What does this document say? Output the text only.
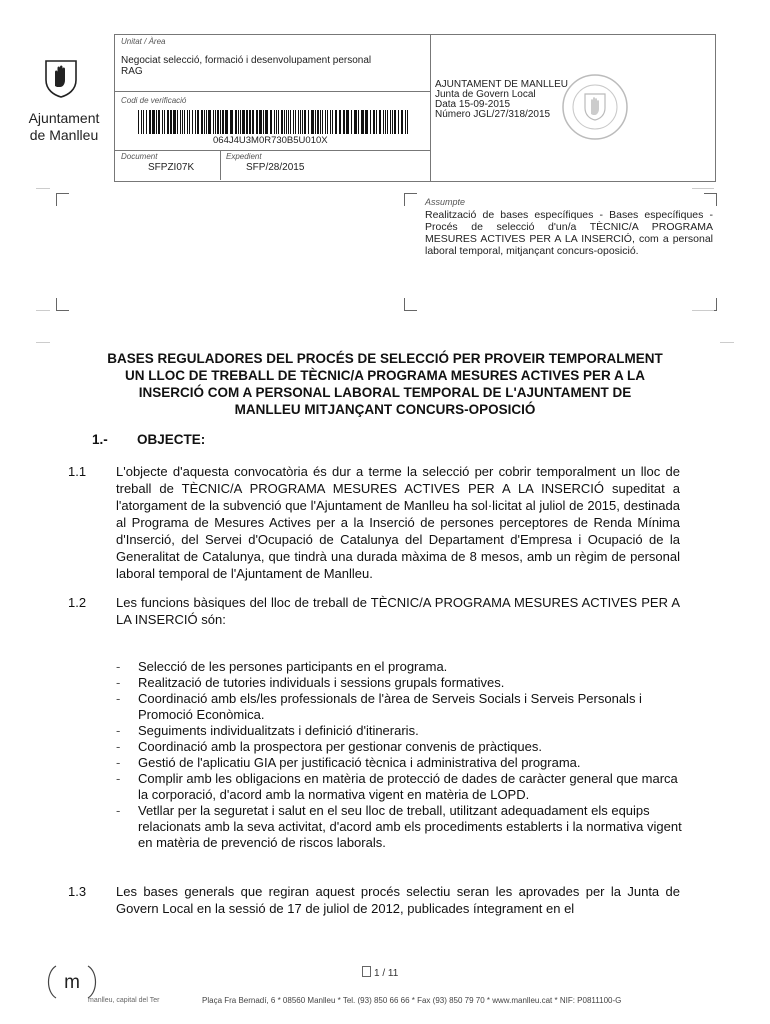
Ajuntament
de Manlleu
Unitat / Àrea
Negociat selecció, formació i desenvolupament personal
RAG
Codi de verificació
064J4U3M0R730B5U010X
Document
SFPZI07K
Expedient
SFP/28/2015
AJUNTAMENT DE MANLLEU
Junta de Govern Local
Data 15-09-2015
Número JGL/27/318/2015
Assumpte
Realització de bases específiques - Bases específiques - Procés de selecció d'un/a TÈCNIC/A PROGRAMA MESURES ACTIVES PER A LA INSERCIÓ, com a personal laboral temporal, mitjançant concurs-oposició.
BASES REGULADORES DEL PROCÉS DE SELECCIÓ PER PROVEIR TEMPORALMENT
UN LLOC DE TREBALL DE TÈCNIC/A PROGRAMA MESURES ACTIVES PER A LA
INSERCIÓ COM A PERSONAL LABORAL TEMPORAL DE L'AJUNTAMENT DE
MANLLEU MITJANÇANT CONCURS-OPOSICIÓ
1.- OBJECTE:
1.1 L'objecte d'aquesta convocatòria és dur a terme la selecció per cobrir temporalment un lloc de treball de TÈCNIC/A PROGRAMA MESURES ACTIVES PER A LA INSERCIÓ supeditat a l'atorgament de la subvenció que l'Ajuntament de Manlleu ha sol·licitat al juliol de 2015, destinada al Programa de Mesures Actives per a la Inserció de persones perceptores de Renda Mínima d'Inserció, del Servei d'Ocupació de Catalunya del Departament d'Empresa i Ocupació de la Generalitat de Catalunya, que tindrà una durada màxima de 8 mesos, amb un règim de personal laboral temporal de l'Ajuntament de Manlleu.
1.2 Les funcions bàsiques del lloc de treball de TÈCNIC/A PROGRAMA MESURES ACTIVES PER A LA INSERCIÓ són:
- Selecció de les persones participants en el programa.
- Realització de tutories individuals i sessions grupals formatives.
- Coordinació amb els/les professionals de l'àrea de Serveis Socials i Serveis Personals i Promoció Econòmica.
- Seguiments individualitzats i definició d'itineraris.
- Coordinació amb la prospectora per gestionar convenis de pràctiques.
- Gestió de l'aplicatiu GIA per justificació tècnica i administrativa del programa.
- Complir amb les obligacions en matèria de protecció de dades de caràcter general que marca la corporació, d'acord amb la normativa vigent en matèria de LOPD.
- Vetllar per la seguretat i salut en el seu lloc de treball, utilitzant adequadament els equips relacionats amb la seva activitat, d'acord amb els procediments establerts i la normativa vigent en matèria de prevenció de riscos laborals.
1.3 Les bases generals que regiran aquest procés selectiu seran les aprovades per la Junta de Govern Local en la sessió de 17 de juliol de 2012, publicades íntegrament en el
1 / 11
m
manlleu, capital del Ter	Plaça Fra Bernadí, 6 * 08560 Manlleu * Tel. (93) 850 66 66 * Fax (93) 850 79 70 * www.manlleu.cat * NIF: P0811100-G
